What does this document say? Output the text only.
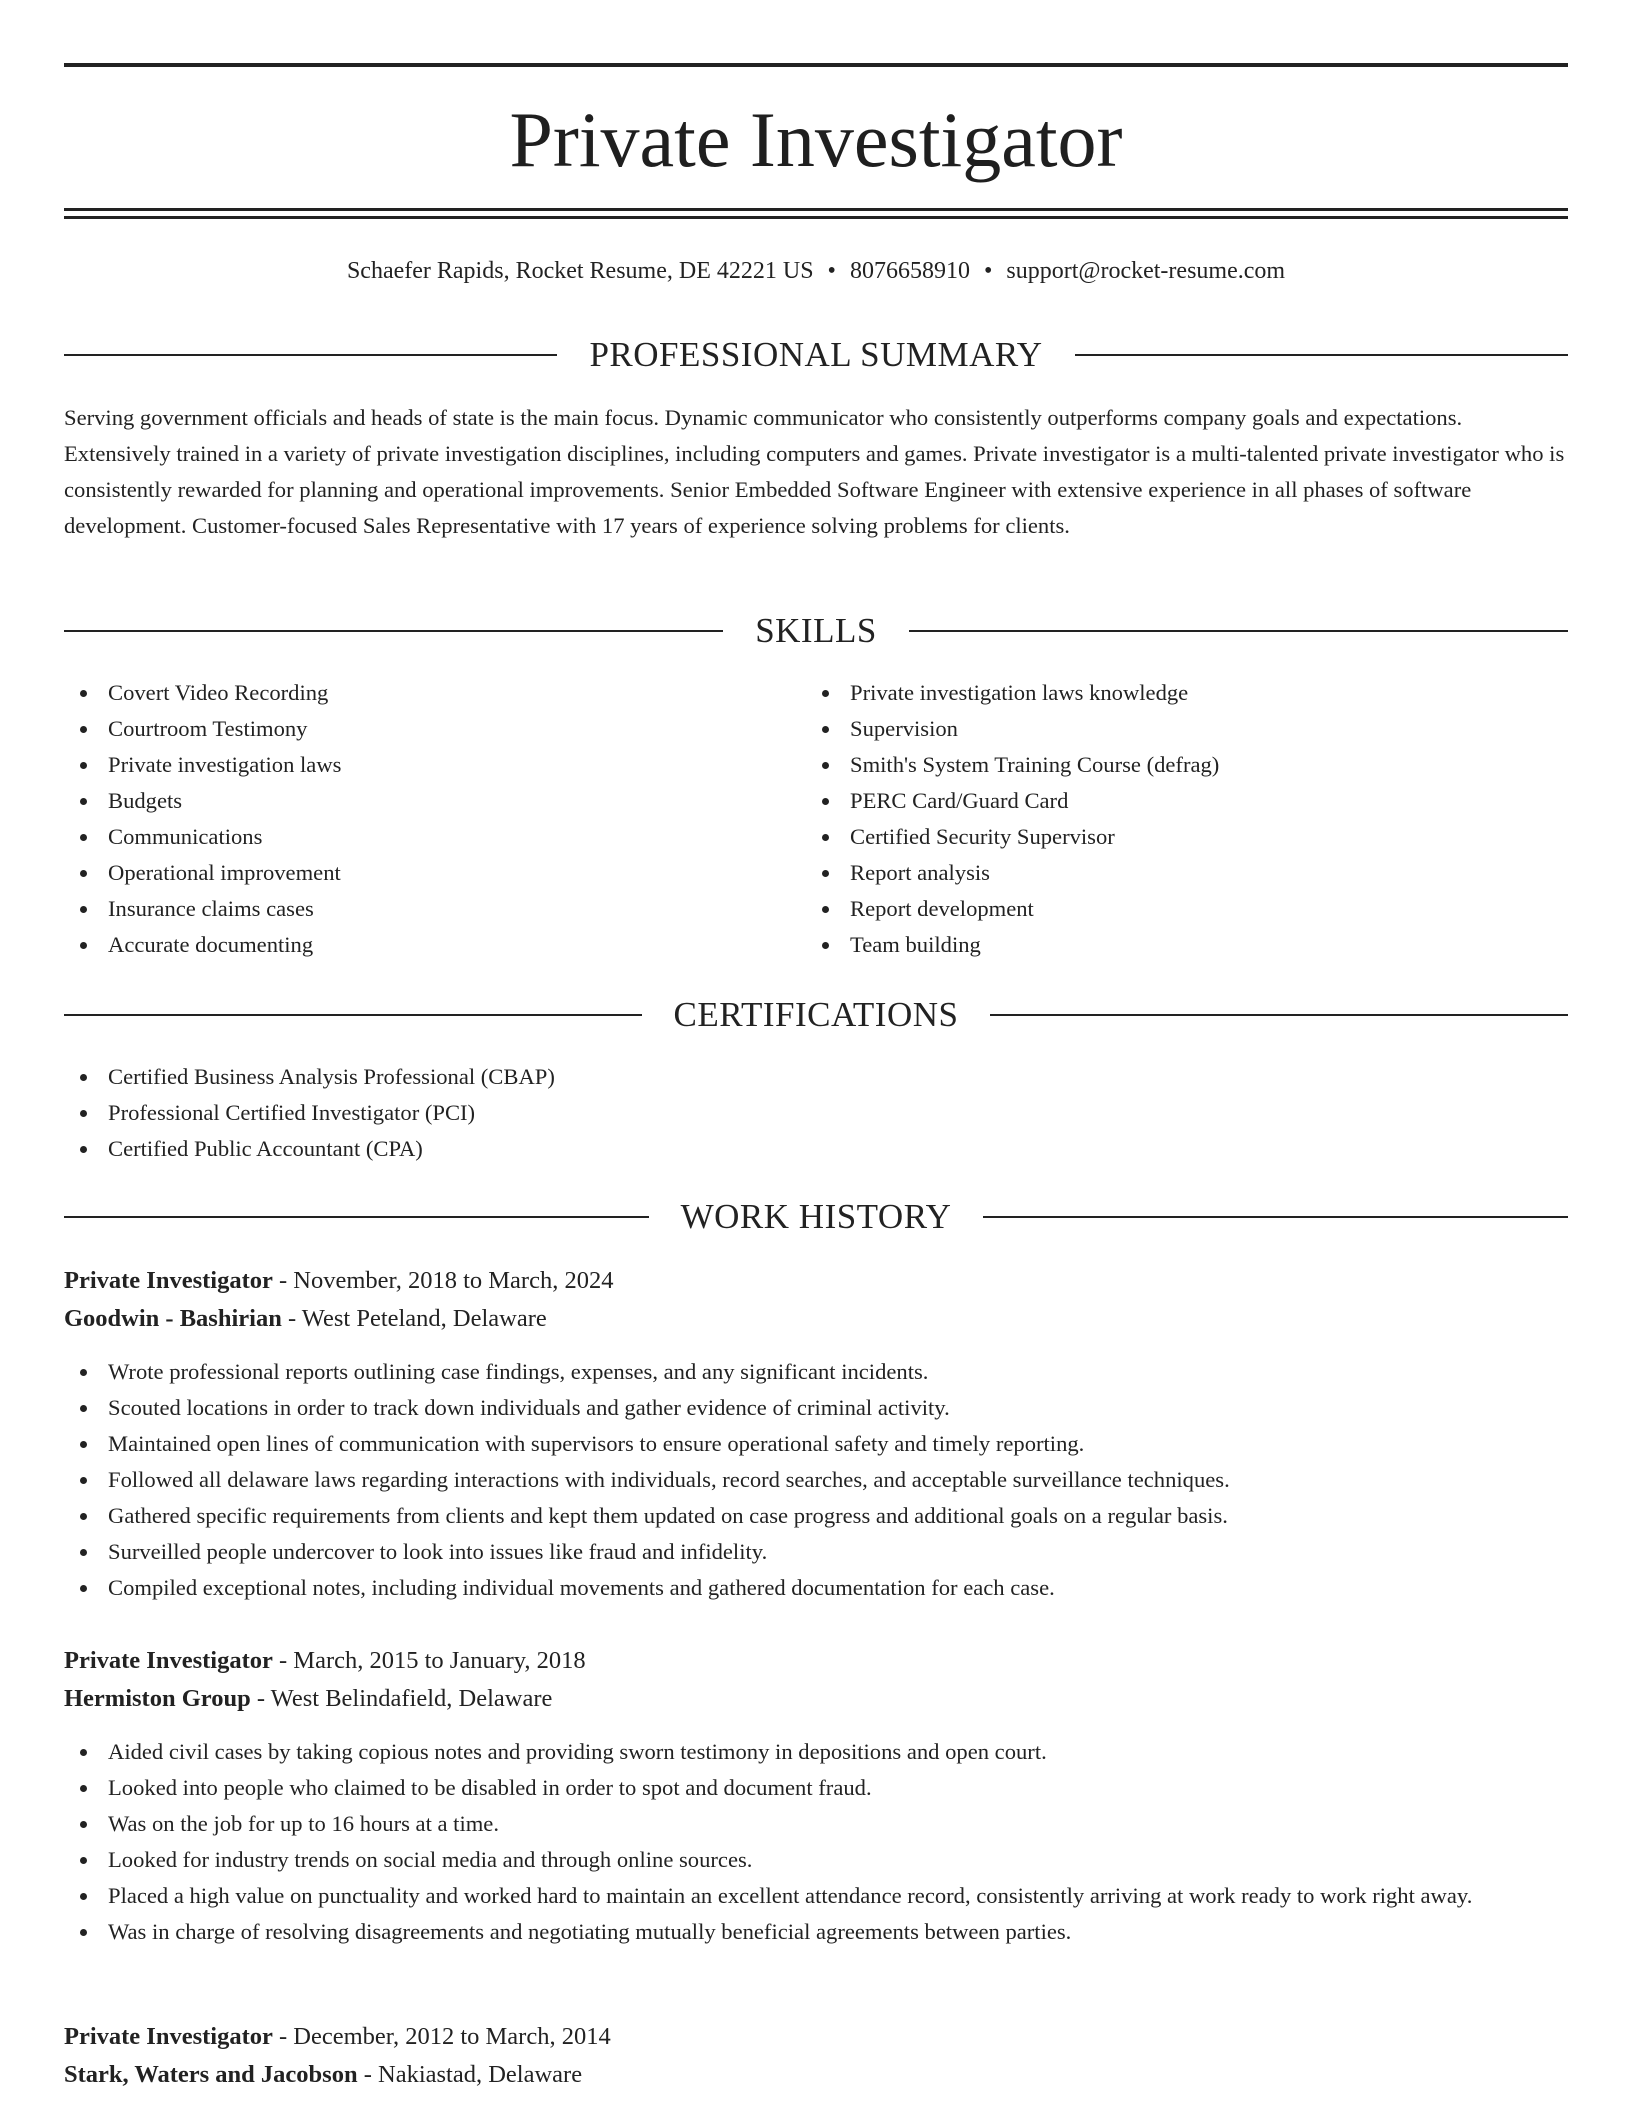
Private Investigator
Schaefer Rapids, Rocket Resume, DE 42221 US • 8076658910 • support@rocket-resume.com
PROFESSIONAL SUMMARY

Serving government officials and heads of state is the main focus. Dynamic communicator who consistently outperforms company goals and expectations. Extensively trained in a variety of private investigation disciplines, including computers and games. Private investigator is a multi-talented private investigator who is consistently rewarded for planning and operational improvements. Senior Embedded Software Engineer with extensive experience in all phases of software development. Customer-focused Sales Representative with 17 years of experience solving problems for clients.

SKILLS
Covert Video Recording
Courtroom Testimony
Private investigation laws
Budgets
Communications
Operational improvement
Insurance claims cases
Accurate documenting
Private investigation laws knowledge
Supervision
Smith's System Training Course (defrag)
PERC Card/Guard Card
Certified Security Supervisor
Report analysis
Report development
Team building
CERTIFICATIONS
Certified Business Analysis Professional (CBAP)
Professional Certified Investigator (PCI)
Certified Public Accountant (CPA)
WORK HISTORY
Private Investigator - November, 2018 to March, 2024
Goodwin - Bashirian - West Peteland, Delaware
Wrote professional reports outlining case findings, expenses, and any significant incidents.
Scouted locations in order to track down individuals and gather evidence of criminal activity.
Maintained open lines of communication with supervisors to ensure operational safety and timely reporting.
Followed all delaware laws regarding interactions with individuals, record searches, and acceptable surveillance techniques.
Gathered specific requirements from clients and kept them updated on case progress and additional goals on a regular basis.
Surveilled people undercover to look into issues like fraud and infidelity.
Compiled exceptional notes, including individual movements and gathered documentation for each case.
Private Investigator - March, 2015 to January, 2018
Hermiston Group - West Belindafield, Delaware
Aided civil cases by taking copious notes and providing sworn testimony in depositions and open court.
Looked into people who claimed to be disabled in order to spot and document fraud.
Was on the job for up to 16 hours at a time.
Looked for industry trends on social media and through online sources.
Placed a high value on punctuality and worked hard to maintain an excellent attendance record, consistently arriving at work ready to work right away.
Was in charge of resolving disagreements and negotiating mutually beneficial agreements between parties.
Private Investigator - December, 2012 to March, 2014
Stark, Waters and Jacobson - Nakiastad, Delaware
